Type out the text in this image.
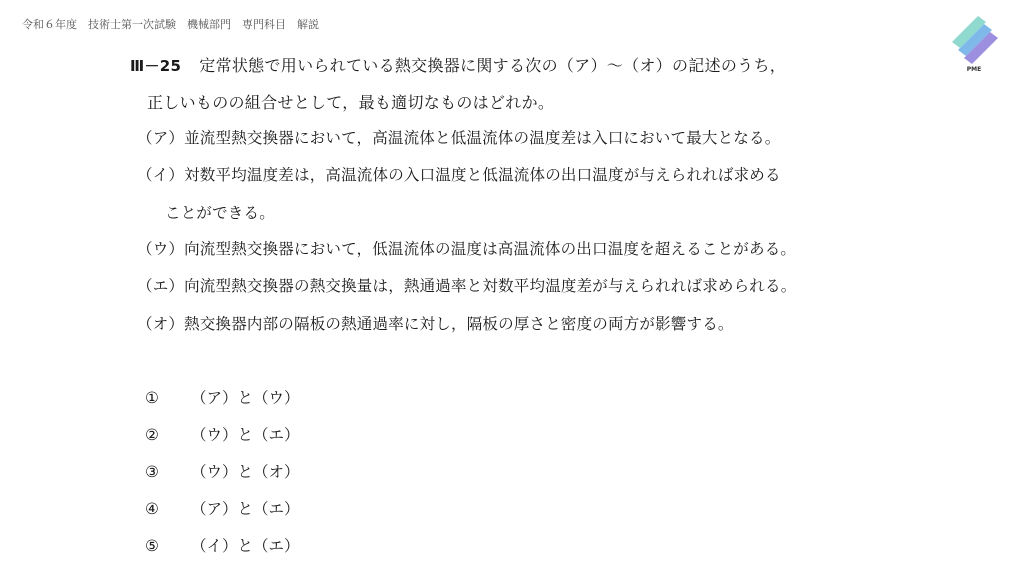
令和６年度　技術士第一次試験　機械部門　専門科目　解説
PME
Ⅲ－25 定常状態で用いられている熱交換器に関する次の（ア）～（オ）の記述のうち，
正しいものの組合せとして，最も適切なものはどれか。
（ア）並流型熱交換器において，高温流体と低温流体の温度差は入口において最大となる。
（イ）対数平均温度差は，高温流体の入口温度と低温流体の出口温度が与えられれば求める
ことができる。
（ウ）向流型熱交換器において，低温流体の温度は高温流体の出口温度を超えることがある。
（エ）向流型熱交換器の熱交換量は，熱通過率と対数平均温度差が与えられれば求められる。
（オ）熱交換器内部の隔板の熱通過率に対し，隔板の厚さと密度の両方が影響する。
① （ア）と（ウ）
② （ウ）と（エ）
③ （ウ）と（オ）
④ （ア）と（エ）
⑤ （イ）と（エ）
